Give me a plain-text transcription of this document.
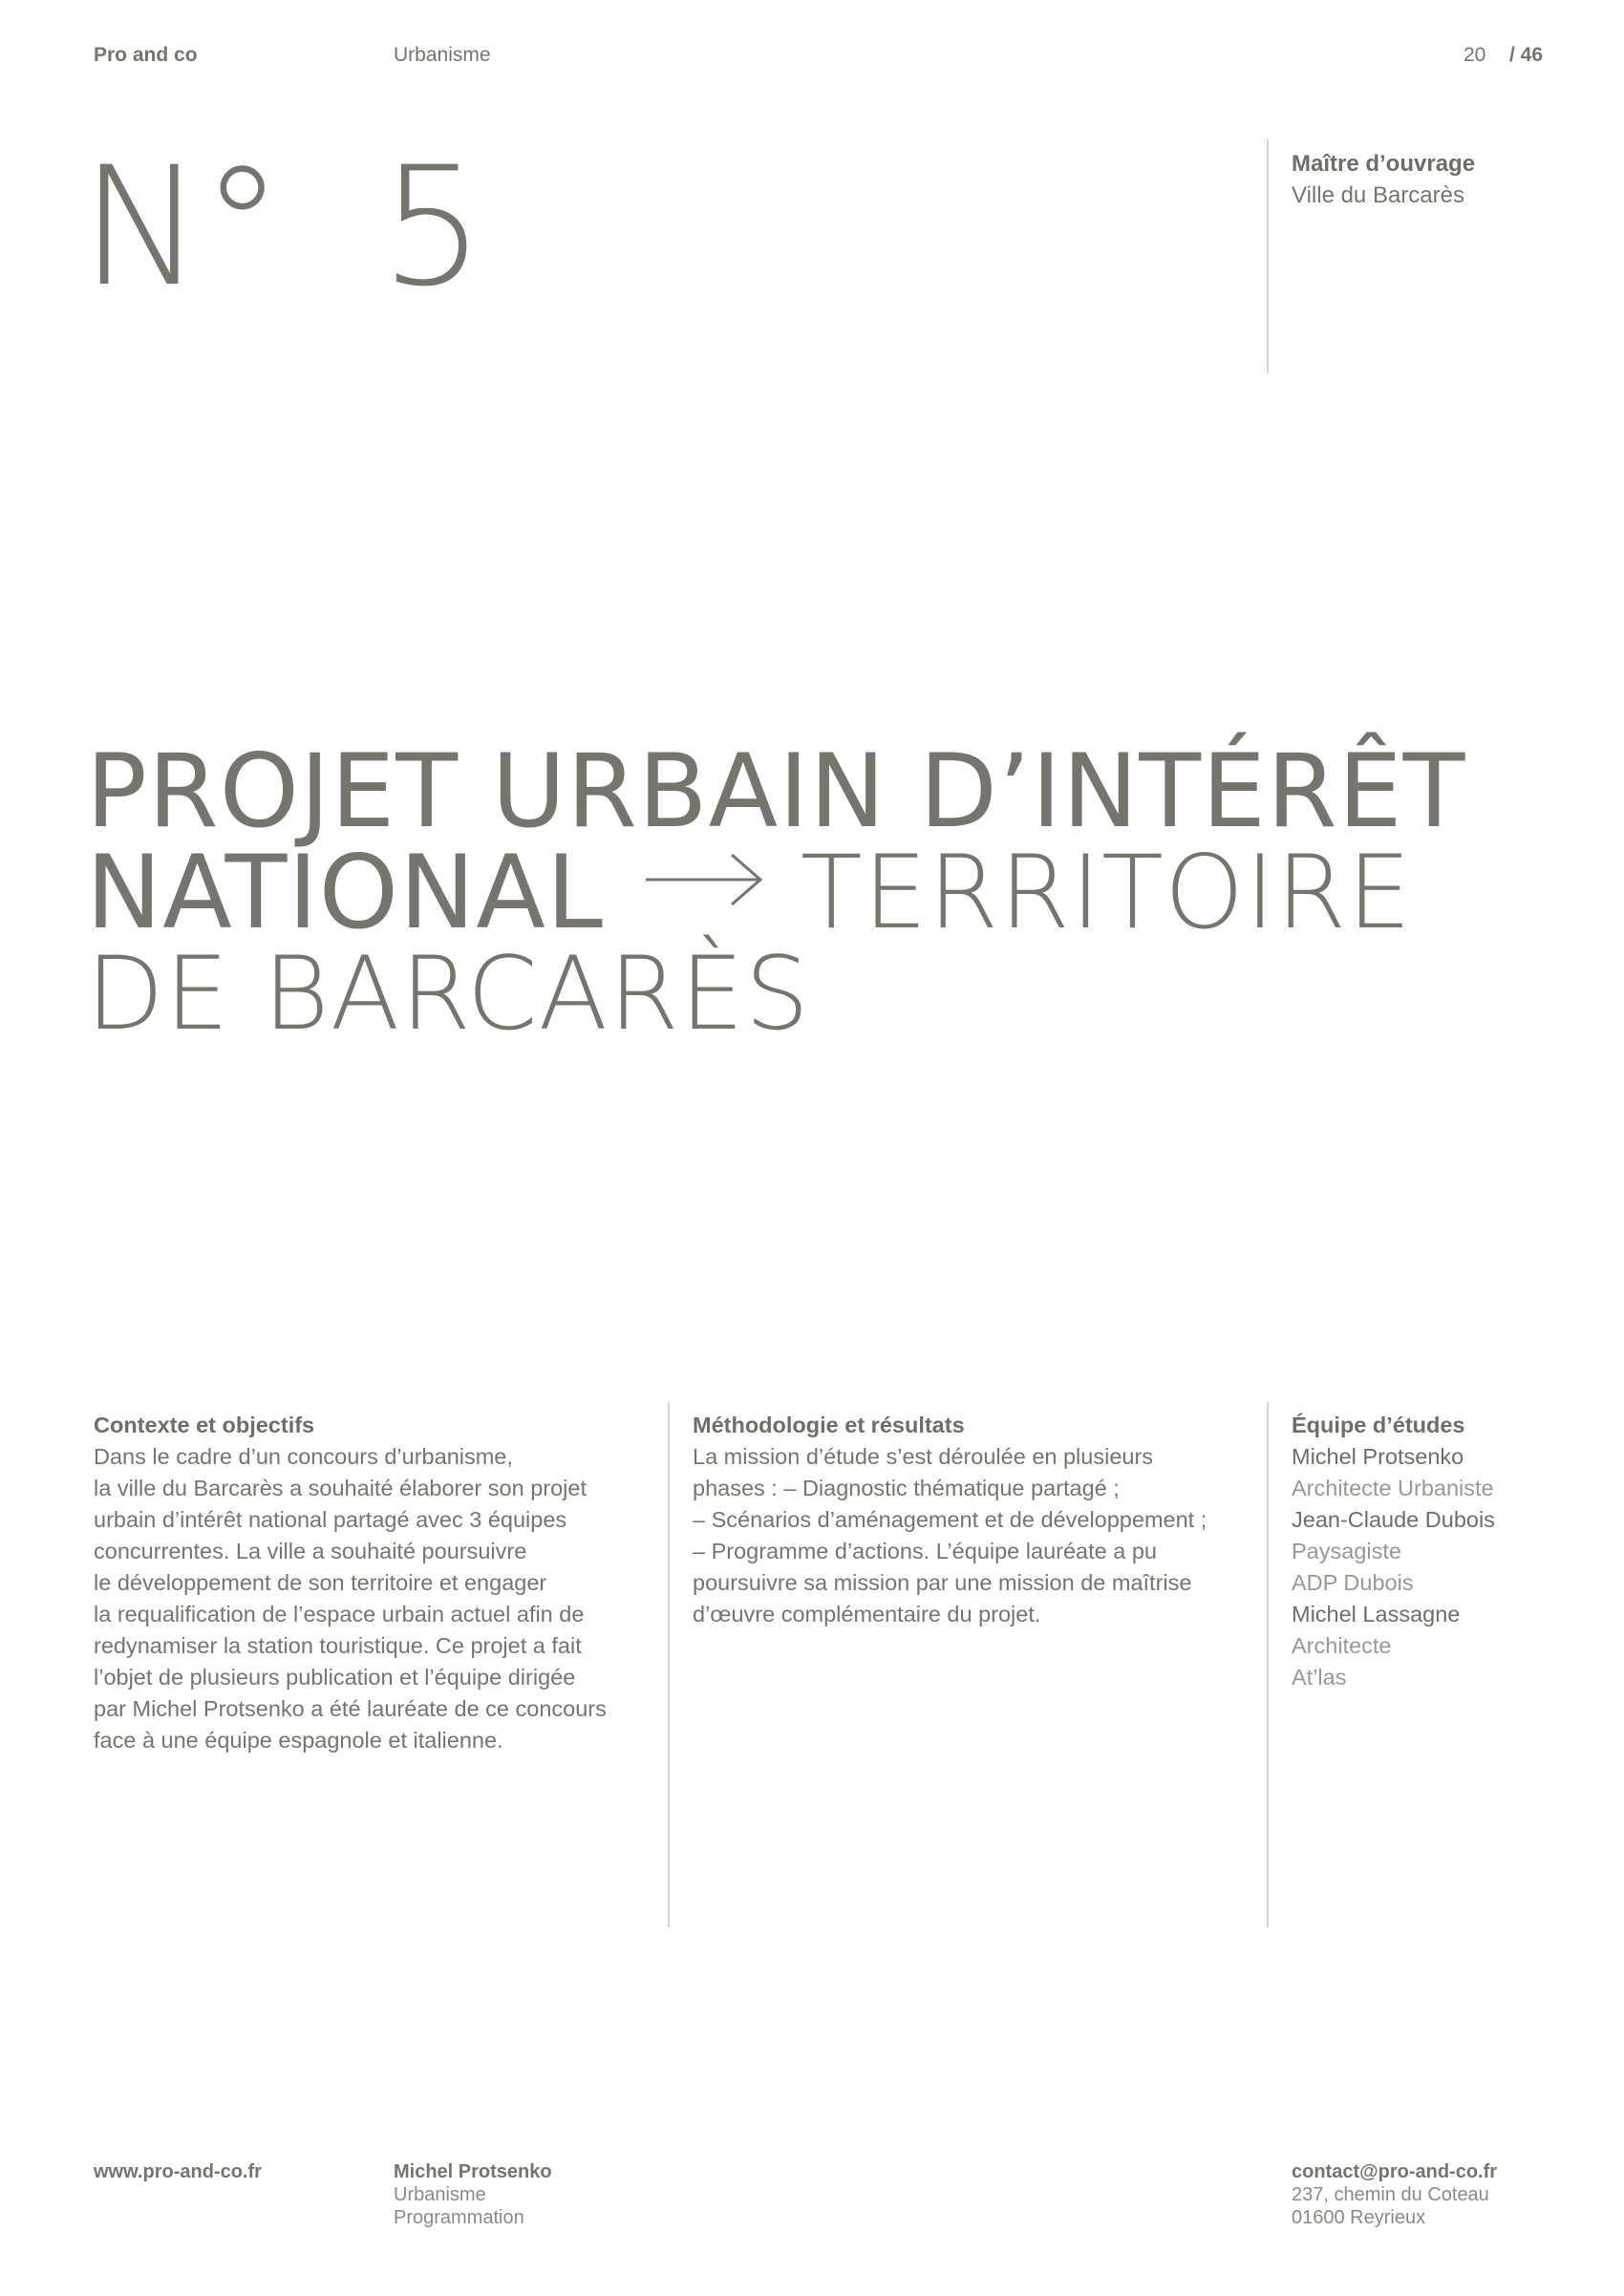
Pro and co	Urbanisme	20 / 46
N° 5	Maître d’ouvrage
Ville du Barcarès
PROJET URBAIN D’INTÉRÊT
NATIONAL TERRITOIRE
DE BARCARÈS

Contexte et objectifs

Dans le cadre d’un concours d’urbanisme,

la ville du Barcarès a souhaité élaborer son projet

urbain d’intérêt national partagé avec 3 équipes

concurrentes. La ville a souhaité poursuivre

le développement de son territoire et engager

la requalification de l’espace urbain actuel afin de

redynamiser la station touristique. Ce projet a fait

l’objet de plusieurs publication et l’équipe dirigée

par Michel Protsenko a été lauréate de ce concours

face à une équipe espagnole et italienne.

Méthodologie et résultats

La mission d’étude s’est déroulée en plusieurs

phases : – Diagnostic thématique partagé ;

– Scénarios d’aménagement et de développement ;

– Programme d’actions. L’équipe lauréate a pu

poursuivre sa mission par une mission de maîtrise

d’œuvre complémentaire du projet.

Équipe d’études

Michel Protsenko

Architecte Urbaniste

Jean-Claude Dubois

Paysagiste

ADP Dubois

Michel Lassagne

Architecte

At’las

www.pro-and-co.fr	Michel Protsenko
Urbanisme
Programmation
contact@pro-and-co.fr
237, chemin du Coteau
01600 Reyrieux
